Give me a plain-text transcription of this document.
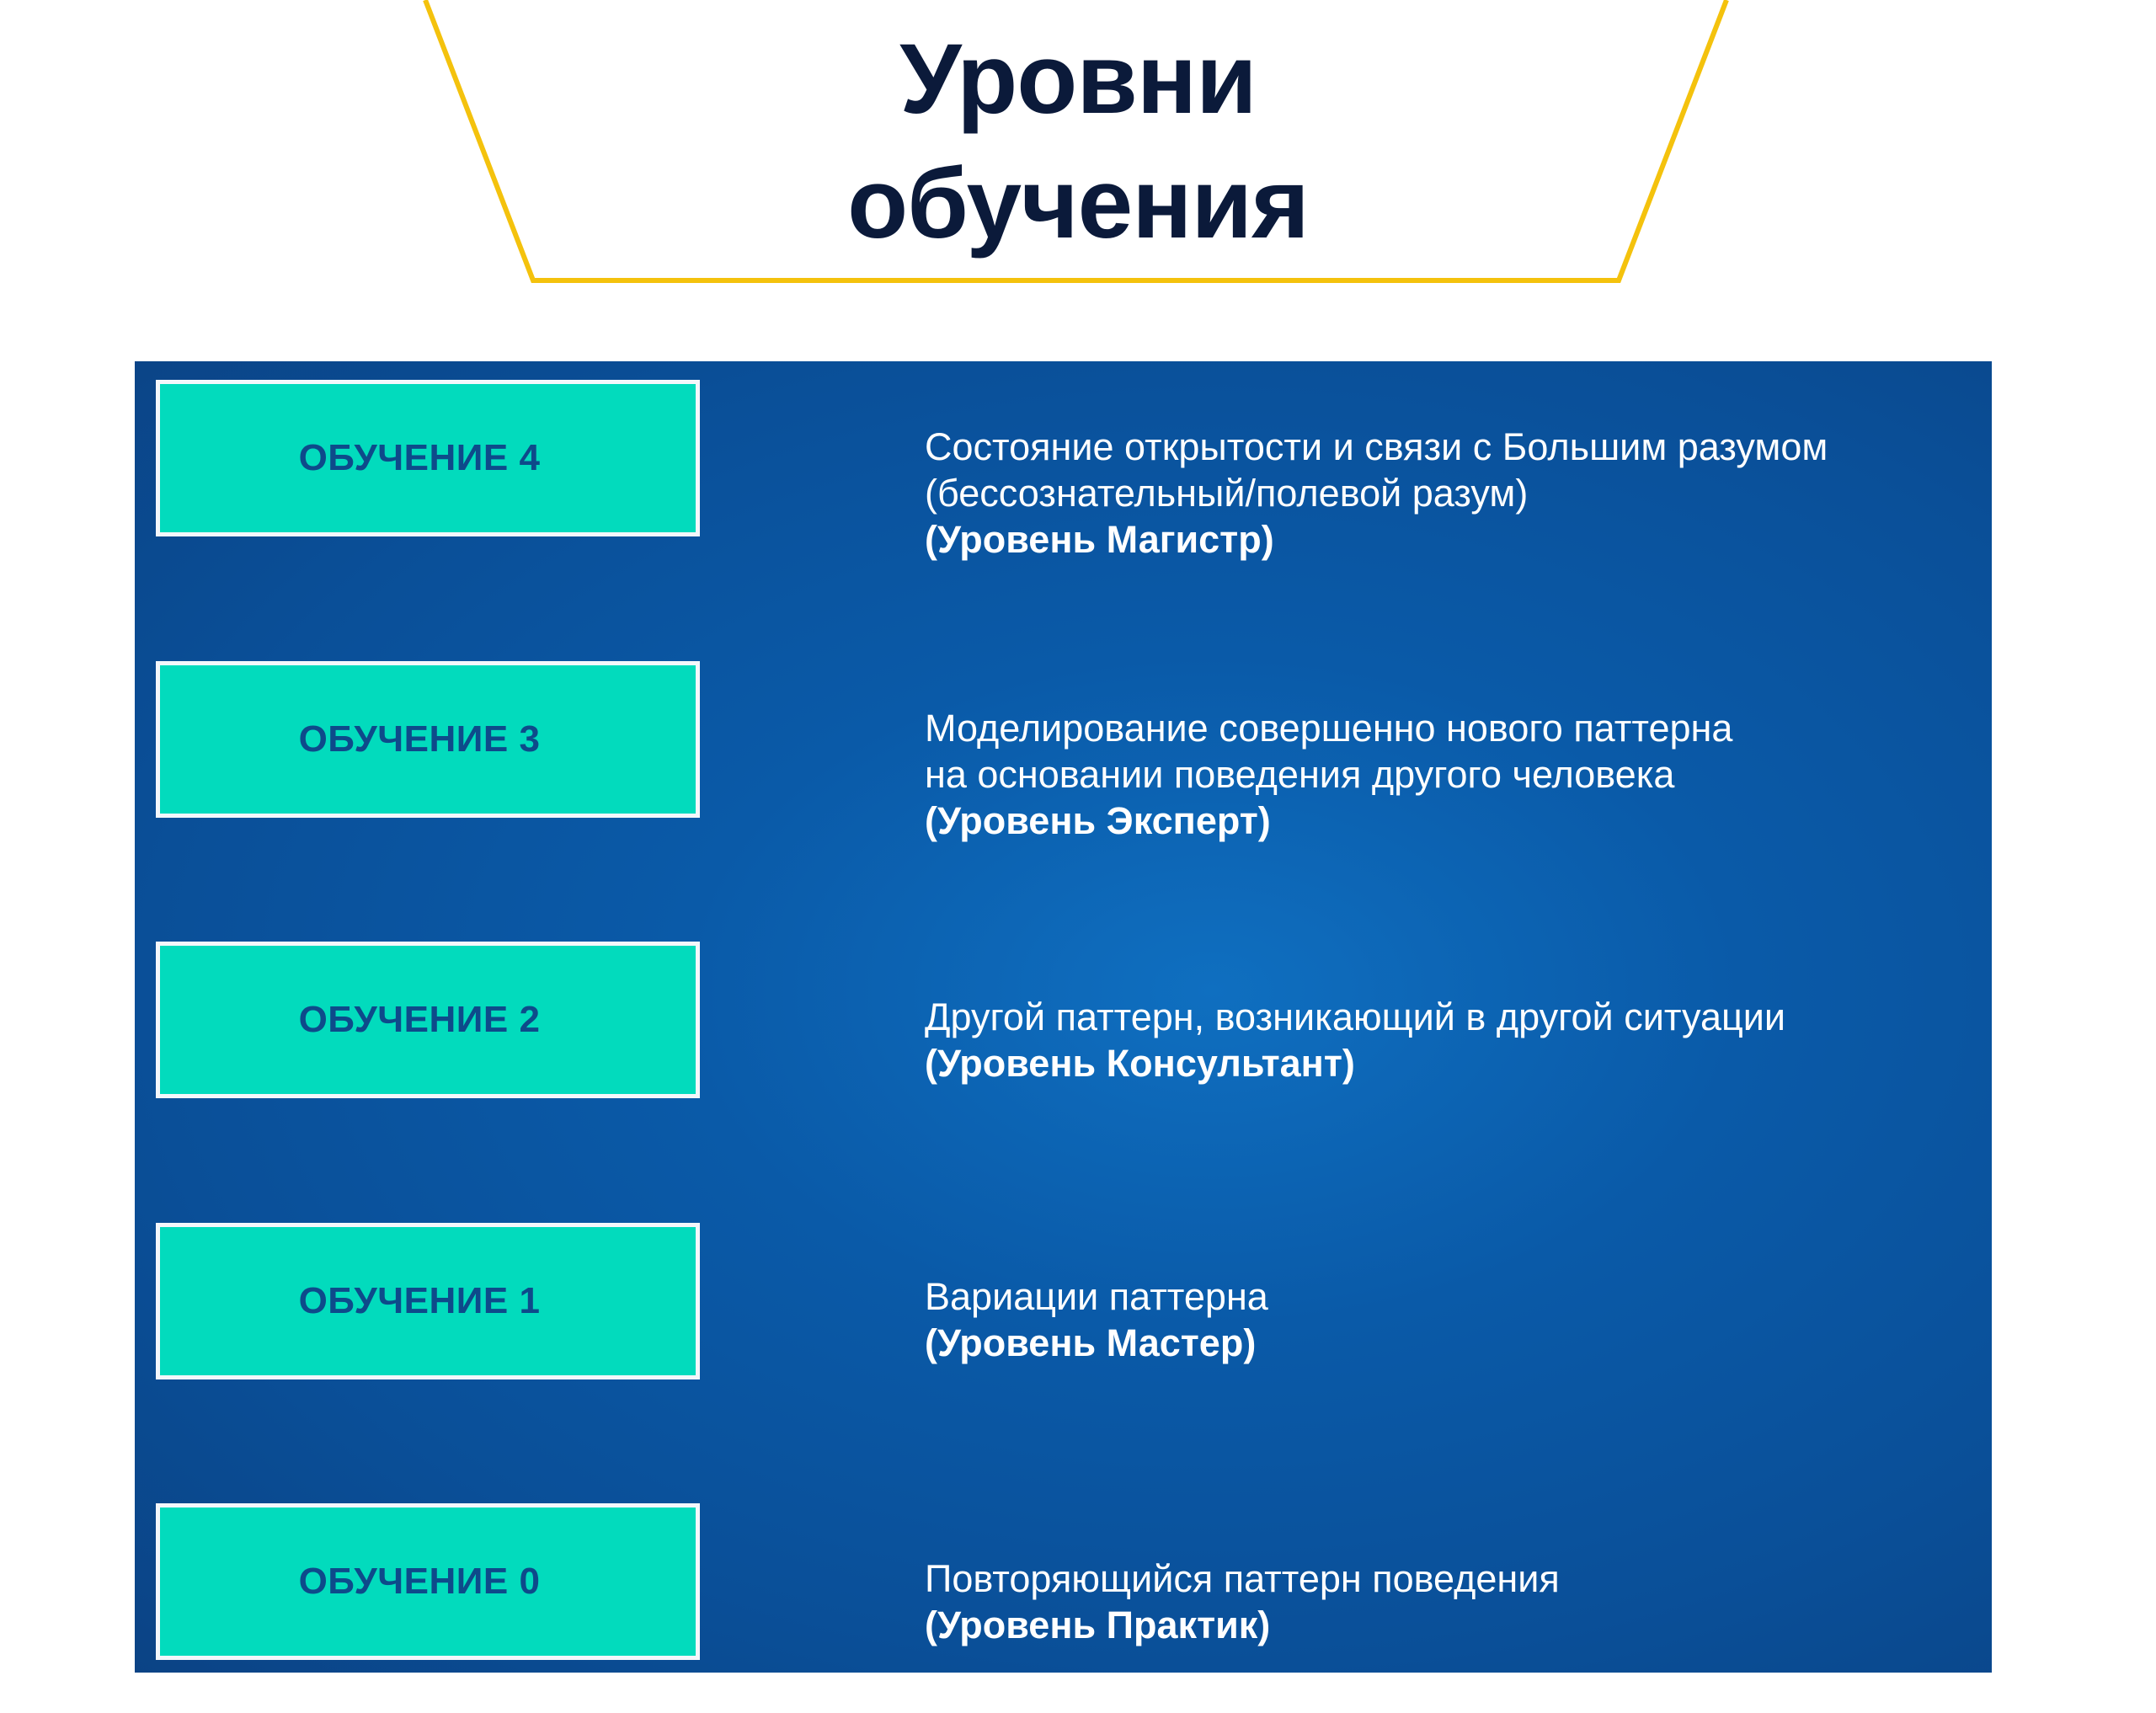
Уровни
обучения
ОБУЧЕНИЕ 4	Состояние открытости и связи с Большим разумом
(бессознательный/полевой разум)
(Уровень Магистр)
ОБУЧЕНИЕ 3	Моделирование совершенно нового паттерна
на основании поведения другого человека
(Уровень Эксперт)
ОБУЧЕНИЕ 2	Другой паттерн, возникающий в другой ситуации
(Уровень Консультант)
ОБУЧЕНИЕ 1	Вариации паттерна
(Уровень Мастер)
ОБУЧЕНИЕ 0	Повторяющийся паттерн поведения
(Уровень Практик)
